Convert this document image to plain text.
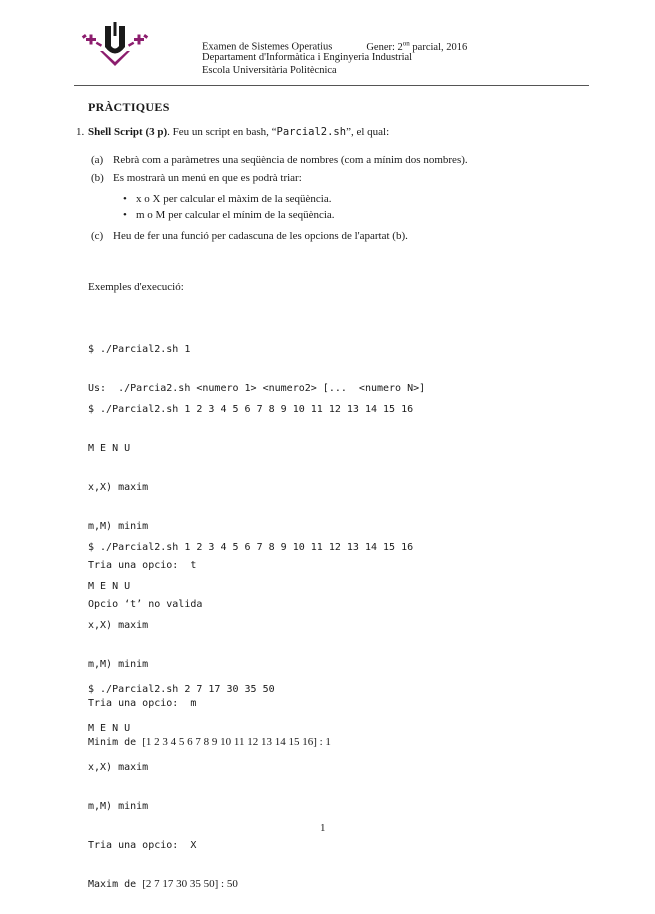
Examen de Sistemes Operatius	Gener: $2^{on}$ parcial, 2016
Departament d'Informàtica i Enginyeria Industrial
Escola Universitària Politècnica
PRÀCTIQUES
1. Shell Script (3 p). Feu un script en bash, “Parcial2.sh”, el qual:
(a) Rebrà com a paràmetres una seqüència de nombres (com a mínim dos nombres).
(b) Es mostrarà un menú en que es podrà triar:
• x o X per calcular el màxim de la seqüència.
• m o M per calcular el mínim de la seqüència.
(c) Heu de fer una funció per cadascuna de les opcions de l'apartat (b).
Exemples d'execució:

$ ./Parcial2.sh 1

Us:  ./Parcia2.sh <numero 1> <numero2> [...  <numero N>]

$ ./Parcial2.sh 1 2 3 4 5 6 7 8 9 10 11 12 13 14 15 16

M E N U

x,X) maxim

m,M) minim

Tria una opcio:  t

Opcio ‘t’ no valida

$ ./Parcial2.sh 1 2 3 4 5 6 7 8 9 10 11 12 13 14 15 16

M E N U

x,X) maxim

m,M) minim

Tria una opcio:  m

Minim de [1 2 3 4 5 6 7 8 9 10 11 12 13 14 15 16] : 1

$ ./Parcial2.sh 2 7 17 30 35 50

M E N U

x,X) maxim

m,M) minim

Tria una opcio:  X

Maxim de [2 7 17 30 35 50] : 50

1
